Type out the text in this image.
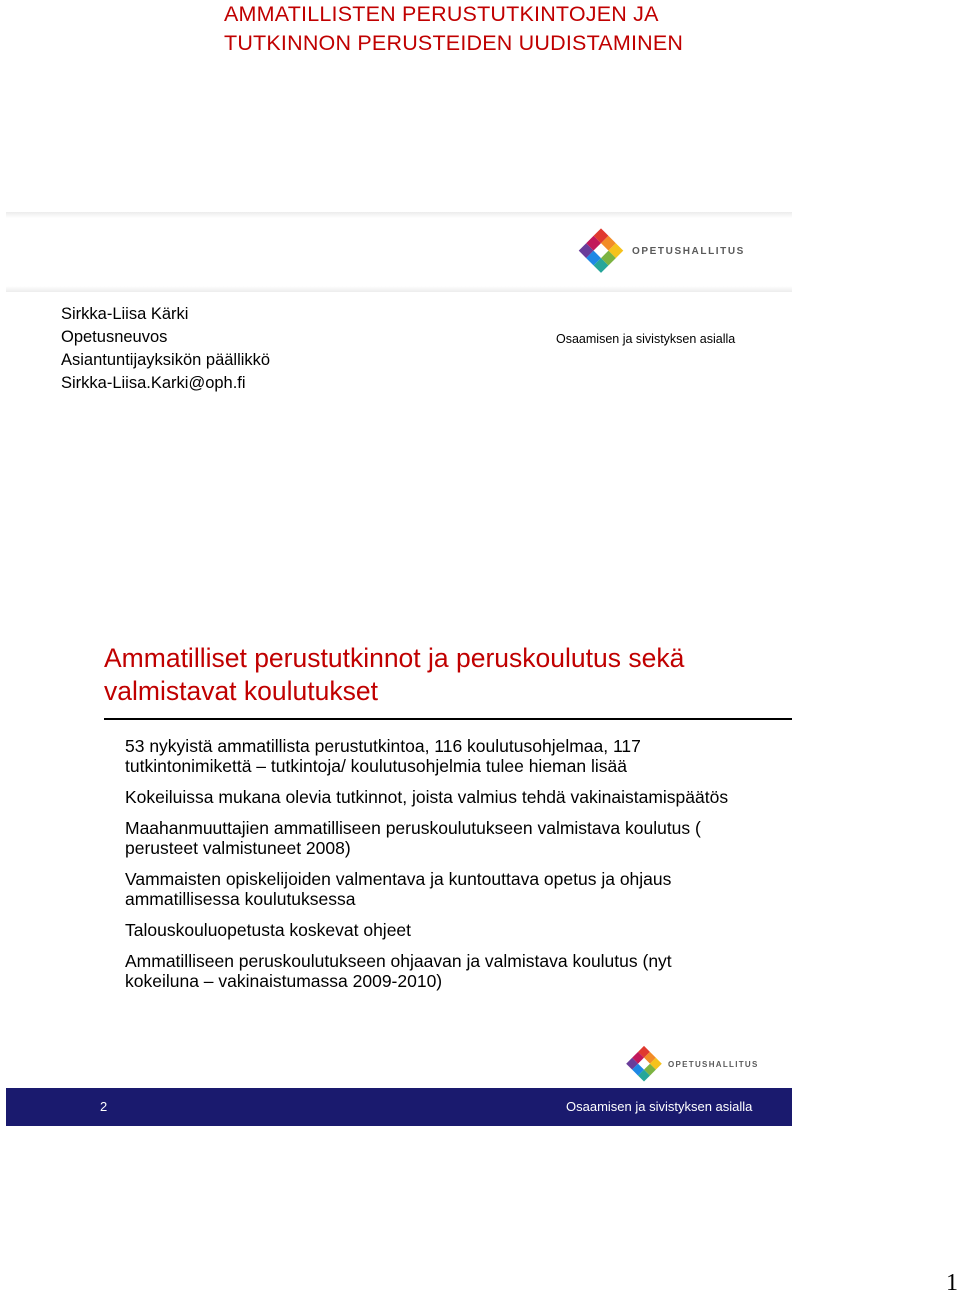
AMMATILLISTEN PERUSTUTKINTOJEN JA TUTKINNON PERUSTEIDEN UUDISTAMINEN
OPETUSHALLITUS
Sirkka-Liisa Kärki
Opetusneuvos
Asiantuntijayksikön päällikkö
Sirkka-Liisa.Karki@oph.fi
Osaamisen ja sivistyksen asialla
Ammatilliset perustutkinnot ja peruskoulutus sekä valmistavat koulutukset
53 nykyistä ammatillista perustutkintoa, 116 koulutusohjelmaa, 117 tutkintonimikettä – tutkintoja/ koulutusohjelmia tulee hieman lisää
Kokeiluissa mukana olevia tutkinnot, joista valmius tehdä vakinaistamispäätös
Maahanmuuttajien ammatilliseen peruskoulutukseen valmistava koulutus ( perusteet valmistuneet 2008)
Vammaisten opiskelijoiden valmentava ja kuntouttava opetus ja ohjaus ammatillisessa koulutuksessa
Talouskouluopetusta koskevat ohjeet
Ammatilliseen peruskoulutukseen ohjaavan ja valmistava koulutus (nyt kokeiluna – vakinaistumassa 2009-2010)
OPETUSHALLITUS
2	Osaamisen ja sivistyksen asialla
1
